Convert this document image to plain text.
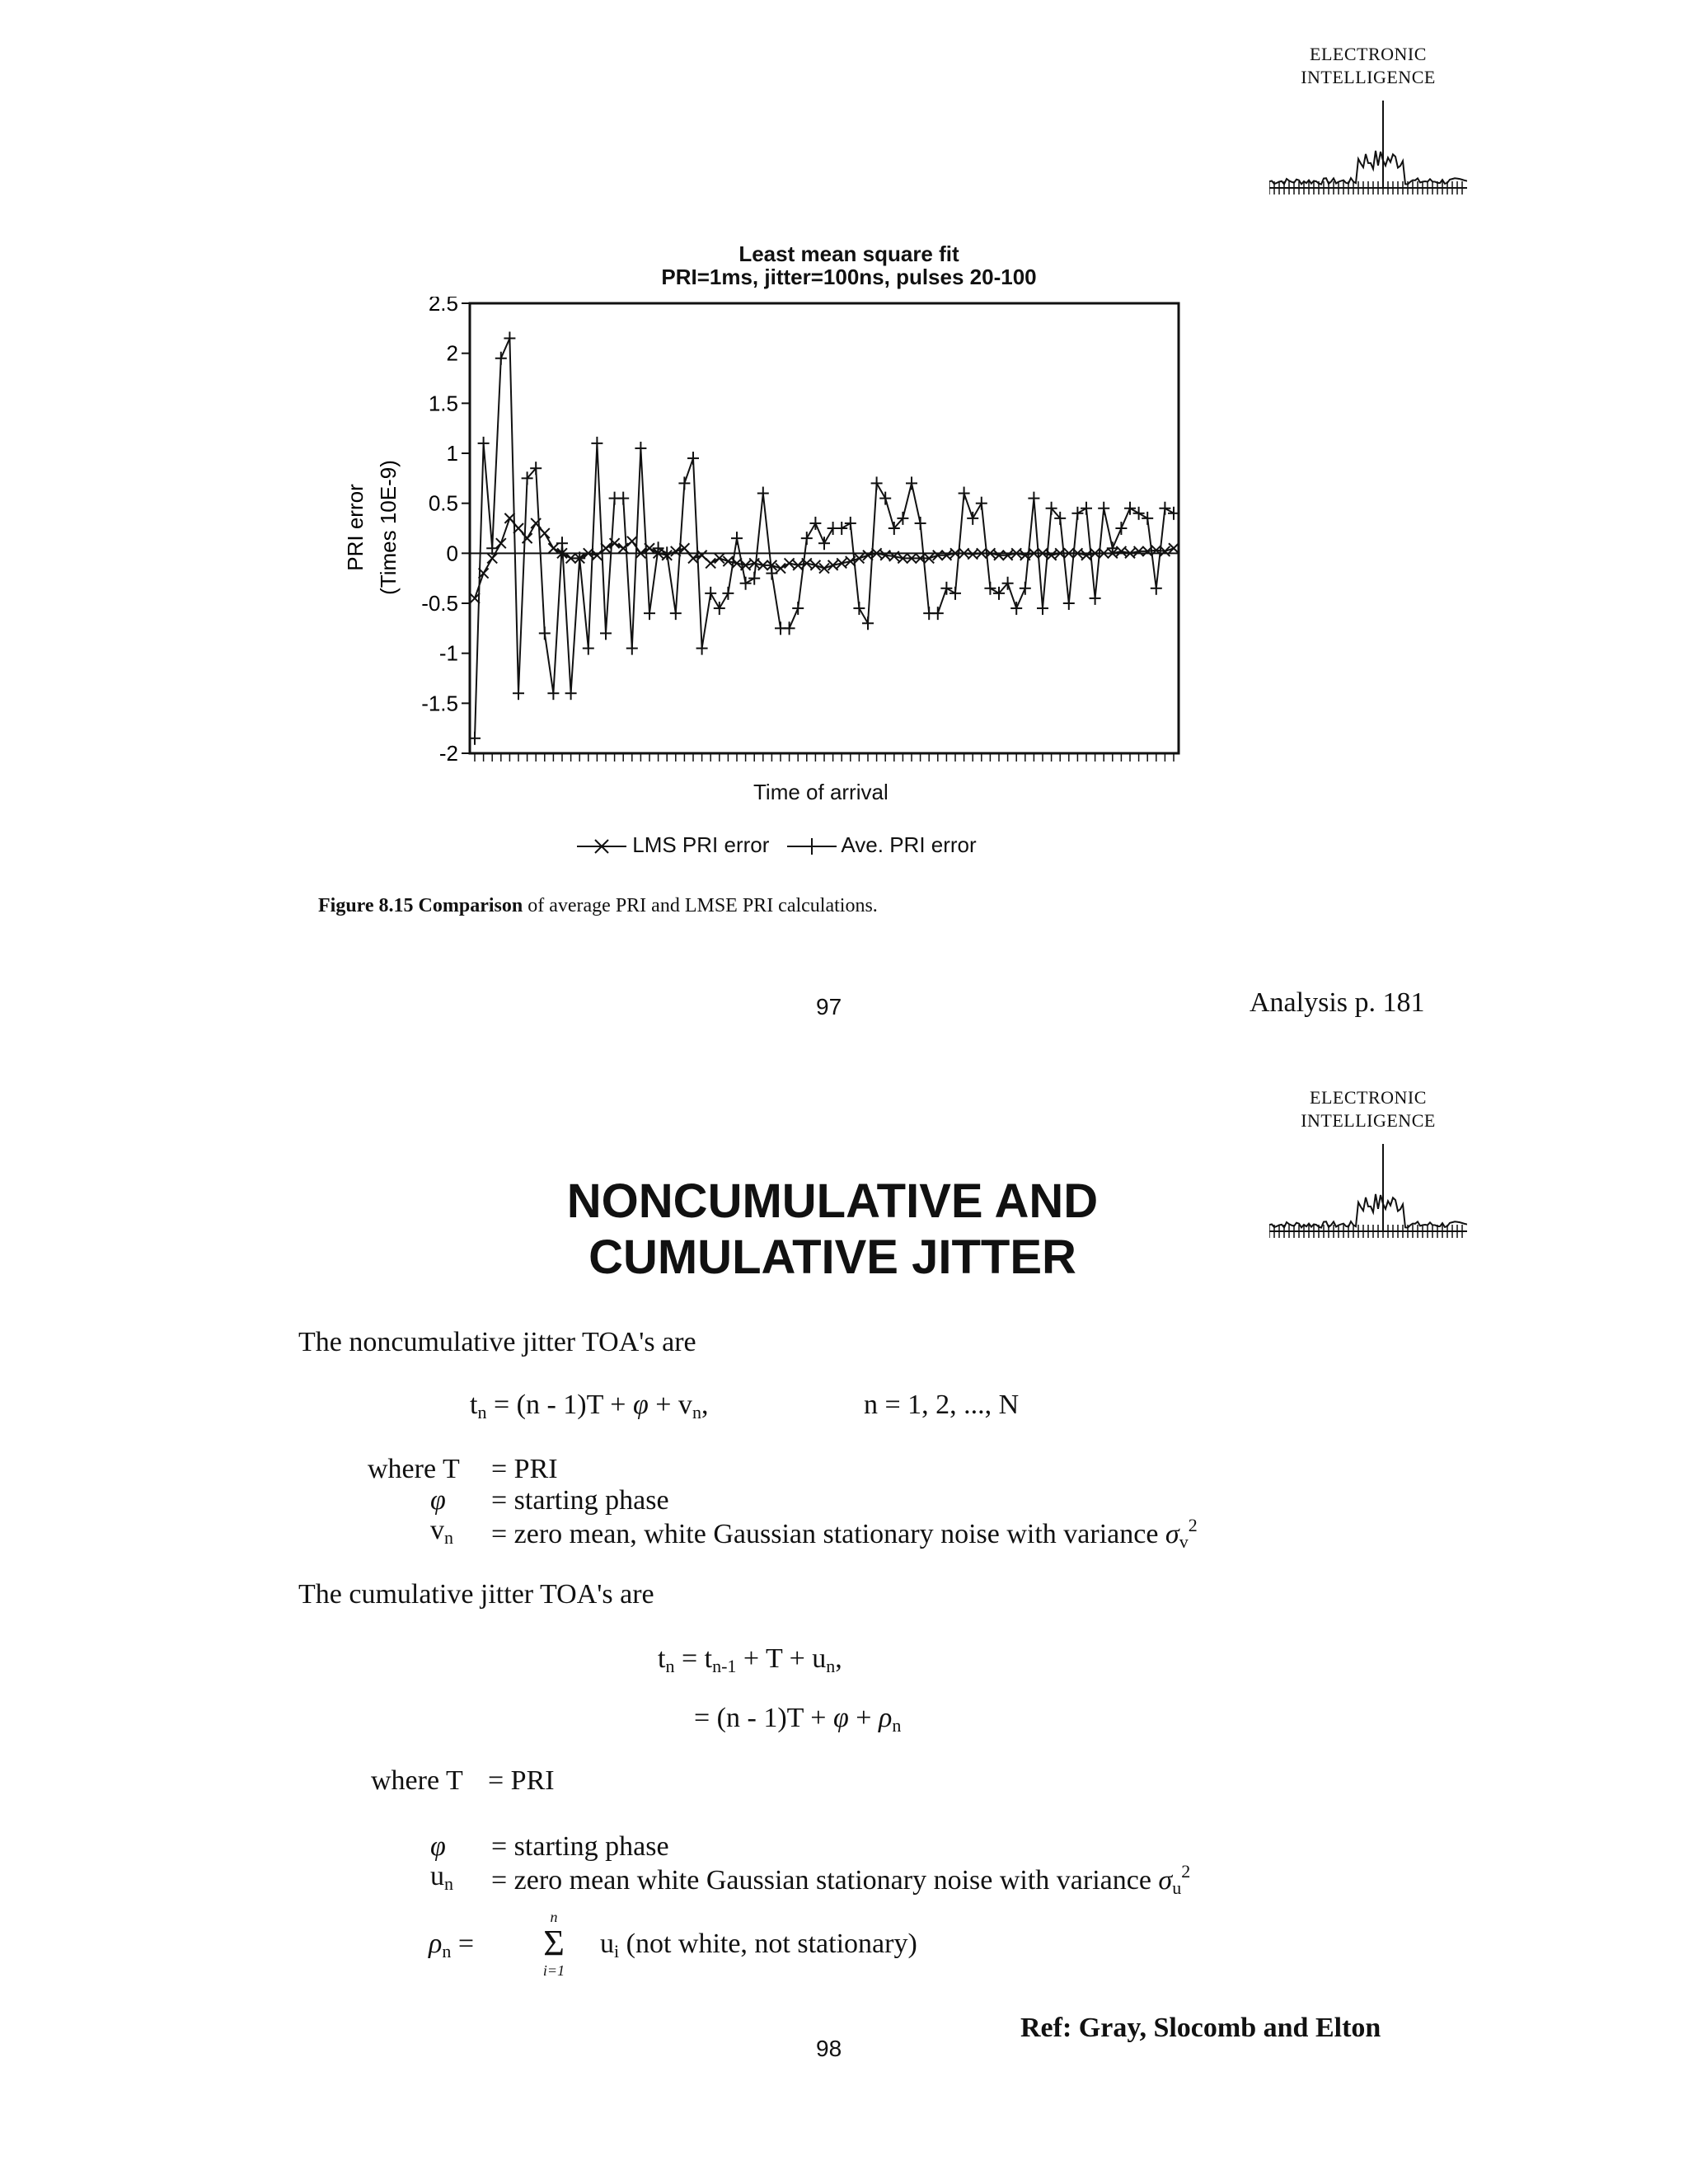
ELECTRONIC
INTELLIGENCE
Least mean square fit
PRI=1ms, jitter=100ns, pulses 20-100
2.5
2
1.5
1
0.5
0
-0.5
-1
-1.5
-2
PRI error (Times 10E-9)
Time of arrival
LMS PRI error	Ave. PRI error
Figure 8.15 Comparison of average PRI and LMSE PRI calculations.
97	Analysis p. 181
ELECTRONIC
INTELLIGENCE
NONCUMULATIVE AND
CUMULATIVE JITTER
The noncumulative jitter TOA's are
$t_n = (n - 1)T + \varphi + v_n$,	n = 1, 2, ..., N
where T = PRI
φ = starting phase
$v_n$ = zero mean, white Gaussian stationary noise with variance $\sigma_v^2$
The cumulative jitter TOA's are
$t_n = t_{n-1} + T + u_n$,
= $(n - 1)T + \varphi + \rho_n$
where T = PRI
φ = starting phase
$u_n$ = zero mean white Gaussian stationary noise with variance $\sigma_u^2$
$\rho_n$ =
n
Σ
i=1
$u_i$ (not white, not stationary)
98
Ref: Gray, Slocomb and Elton
